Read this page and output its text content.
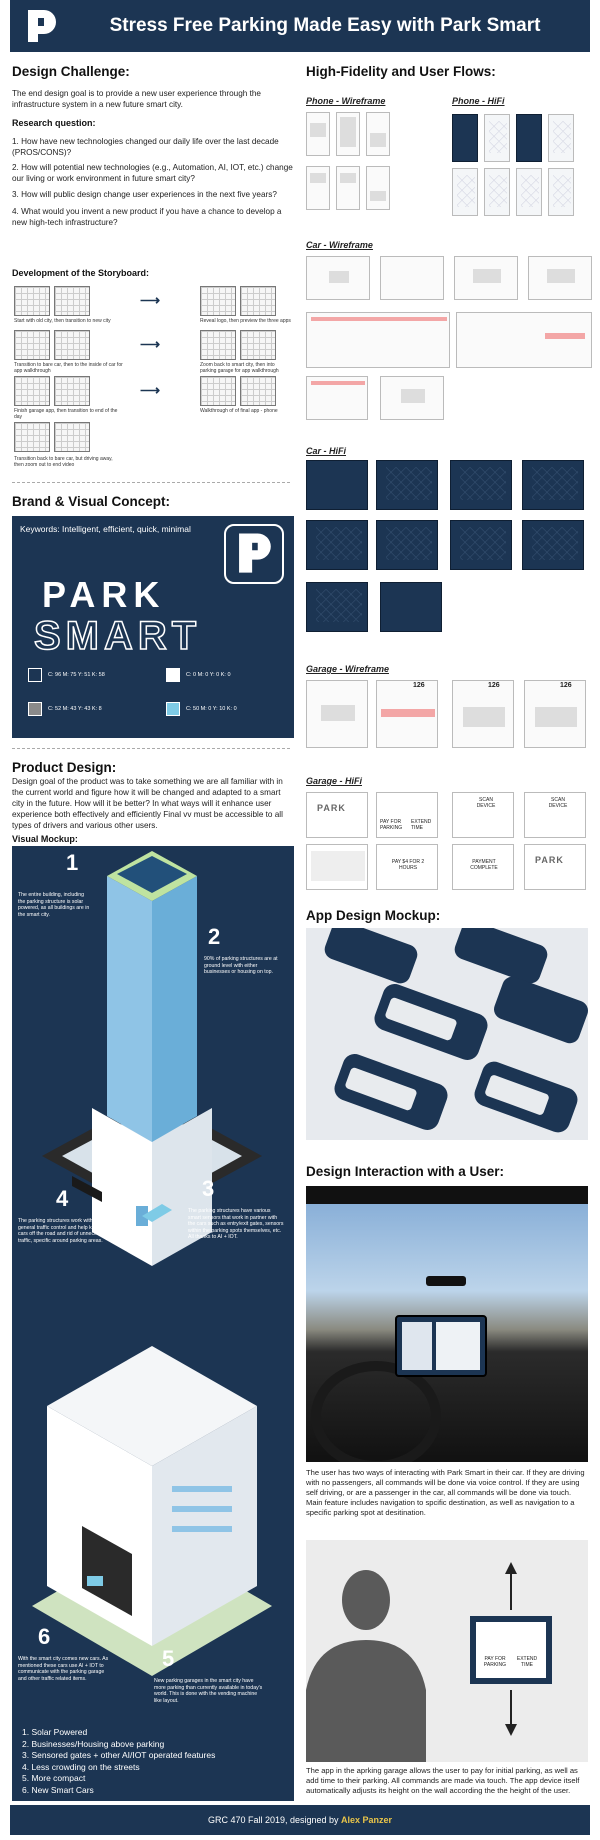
Stress Free Parking Made Easy with Park Smart
Design Challenge:
The end design goal is to provide a new user experience through the infrastructure system in a new future smart city.
Research question:
1. How have new technologies changed our daily life over the last decade (PROS/CONS)?
2. How will potential new technologies (e.g., Automation, AI, IOT, etc.) change our living or work environment in future smart city?
3. How will public design change user experiences in the next five years?
4. What would you invent a new product if you have a chance to develop a new high-tech infrastructure?
Development of the Storyboard:
Start with old city, then transition to new city
⟶
Reveal logo, then preview the three apps
Transition to bare car, then to the inside of car for app walkthrough
⟶
Zoom back to smart city, then into parking garage for app walkthrough
Finish garage app, then transition to end of the day
⟶
Walkthrough of of final app - phone
Transition back to bare car, but driving away, then zoom out to end video
Brand & Visual Concept:
Keywords: Intelligent, efficient, quick, minimal
PARK
SMART
C: 96 M: 75 Y: 51 K: 58	C: 0 M: 0 Y: 0 K: 0
C: 52 M: 43 Y: 43 K: 8	C: 50 M: 0 Y: 10 K: 0
Product Design:
Design goal of the product was to take something we are all familiar with in the current world and figure how it will be changed and adapted to a smart city in the future. How will it be better? In what ways will it enhance user experience both effectively and efficiently Final vv must be accessible to all types of drivers and various other users.
Visual Mockup:
1
The entire building, including the parking structure is solar powered, as all buildings are in the smart city.
2
90% of parking structures are at ground level with either businesses or housing on top.
3
The parking structures have various smart sensors that work in partner with the cars such as entry/exit gates, sensors within the parking spots themselves, etc. All thanks to AI + IOT.
4
The parking structures work with general traffic control and help keep cars off the road and rid of unnecessary traffic, specific around parking areas.
5
New parking garages in the smart city have more parking than currently available in today's world. This is done with the vending machine like layout.
6
With the smart city comes new cars. As mentioned these cars use AI + IOT to communicate with the parking garage and other traffic related items.
1. Solar Powered
2. Businesses/Housing above parking
3. Sensored gates + other AI/IOT operated features
4. Less crowding on the streets
5. More compact
6. New Smart Cars
High-Fidelity and User Flows:
Phone - Wireframe	Phone - HiFi
Car - Wireframe
Car - HiFi
Garage - Wireframe
126	126	126
Garage - HiFi
PARK
PAY FOR PARKING
EXTEND TIME
SCAN DEVICE
SCAN DEVICE
PAY $4 FOR 2 HOURS
PAYMENT COMPLETE
PARK
App Design Mockup:
Design Interaction with a User:
The user has two ways of interacting with Park Smart in their car. If they are driving with no passengers, all commands will be done via voice control. If they are using self driving, or are a passenger in the car, all commands will be done via touch. Main feature includes navigation to spcific destination, as well as navigation to a specific parking spot at desitination.
PAY FOR PARKING
EXTEND TIME
The app in the aprking garage allows the user to pay for initial parking, as well as add time to their parking. All commands are made via touch. The app device itself automatically adjusts its height on the wall according the the height of the user.
GRC 470 Fall 2019, designed by Alex Panzer
